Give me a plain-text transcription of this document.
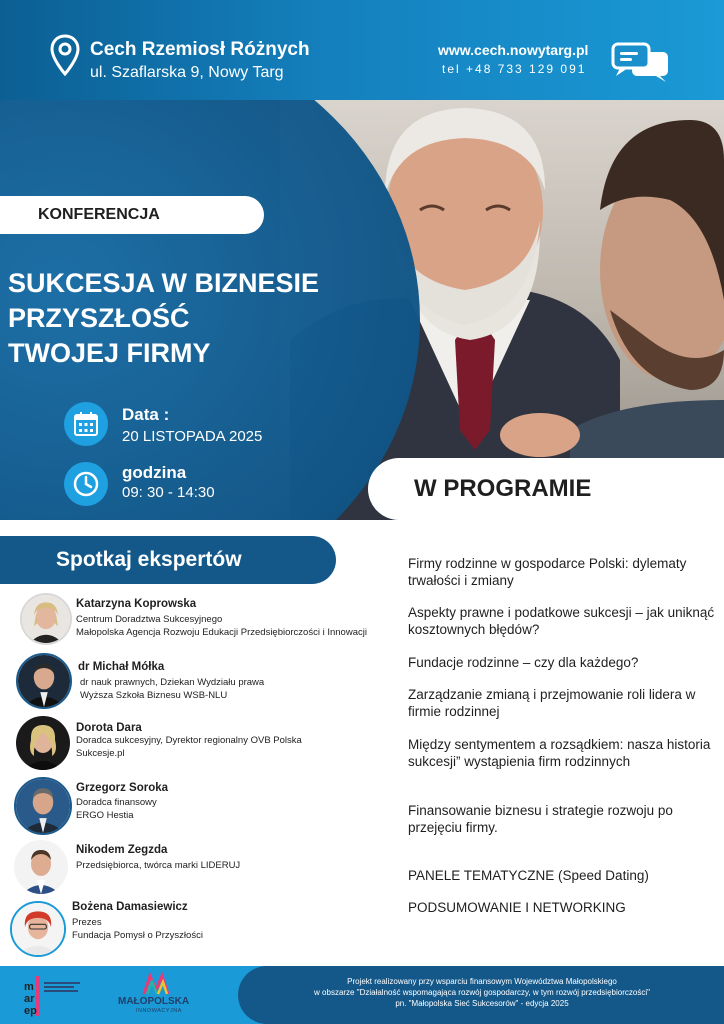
Cech Rzemiosł Różnych
ul. Szaflarska 9, Nowy Targ
www.cech.nowytarg.pl
tel +48 733 129 091
KONFERENCJA
SUKCESJA W BIZNESIE
PRZYSZŁOŚĆ
TWOJEJ FIRMY
Data :
20 LISTOPADA 2025
godzina
09: 30 - 14:30	W PROGRAMIE
Spotkaj ekspertów
Katarzyna Koprowska
Centrum Doradztwa Sukcesyjnego
Małopolska Agencja Rozwoju Edukacji Przedsiębiorczości i Innowacji
dr Michał Mółka
dr nauk prawnych, Dziekan Wydziału prawa
Wyższa Szkoła Biznesu WSB-NLU
Dorota Dara
Doradca sukcesyjny, Dyrektor regionalny OVB Polska
Sukcesje.pl
Grzegorz Soroka
Doradca finansowy
ERGO Hestia
Nikodem Zegzda
Przedsiębiorca, twórca marki LIDERUJ
Bożena Damasiewicz
Prezes
Fundacja Pomysł o Przyszłości
Firmy rodzinne w gospodarce Polski: dylematy trwałości i zmiany
Aspekty prawne i podatkowe sukcesji – jak uniknąć kosztownych błędów?
Fundacje rodzinne – czy dla każdego?
Zarządzanie zmianą i przejmowanie roli lidera w firmie rodzinnej
Między sentymentem a rozsądkiem: nasza historia sukcesji” wystąpienia firm rodzinnych
Finansowanie biznesu i strategie rozwoju po przejęciu firmy.
PANELE TEMATYCZNE (Speed Dating)
PODSUMOWANIE I NETWORKING
Projekt realizowany przy wsparciu finansowym Województwa Małopolskiego
w obszarze "Działalność wspomagająca rozwój gospodarczy, w tym rozwój przedsiębiorczości"
pn. "Małopolska Sieć Sukcesorów" - edycja 2025
m
ar
ep
MAŁOPOLSKA
INNOWACYJNA
